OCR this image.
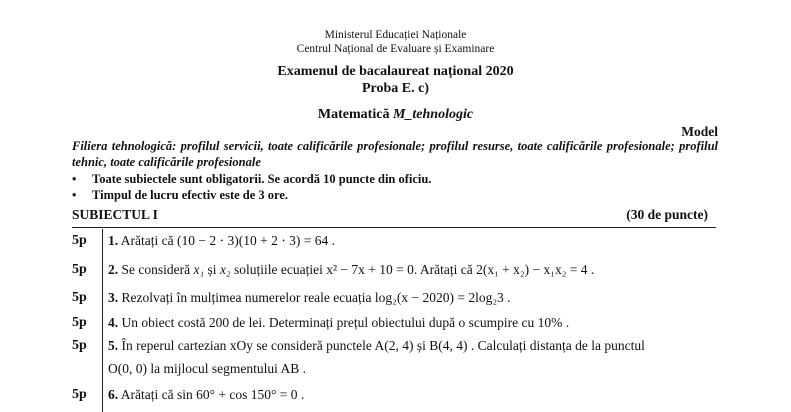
Ministerul Educației Naționale
Centrul Național de Evaluare și Examinare
Examenul de bacalaureat național 2020
Proba E. c)
Matematică M_tehnologic
Model
Filiera tehnologică: profilul servicii, toate calificările profesionale; profilul resurse, toate calificările profesionale; profilul tehnic, toate calificările profesionale
• Toate subiectele sunt obligatorii. Se acordă 10 puncte din oficiu.
• Timpul de lucru efectiv este de 3 ore.
SUBIECTUL I	(30 de puncte)
5p 1. Arătați că (10 − 2 ⋅ 3)(10 + 2 ⋅ 3) = 64 .
5p 2. Se consideră x₁ și x₂ soluțiile ecuației x² − 7x + 10 = 0. Arătați că 2(x₁ + x₂) − x₁x₂ = 4 .
5p 3. Rezolvați în mulțimea numerelor reale ecuația log₂(x − 2020) = 2log₂3 .
5p 4. Un obiect costă 200 de lei. Determinați prețul obiectului după o scumpire cu 10% .
5p 5. În reperul cartezian xOy se consideră punctele A(2, 4) și B(4, 4) . Calculați distanța de la punctul
O(0, 0) la mijlocul segmentului AB .
5p 6. Arătați că sin 60° + cos 150° = 0 .
